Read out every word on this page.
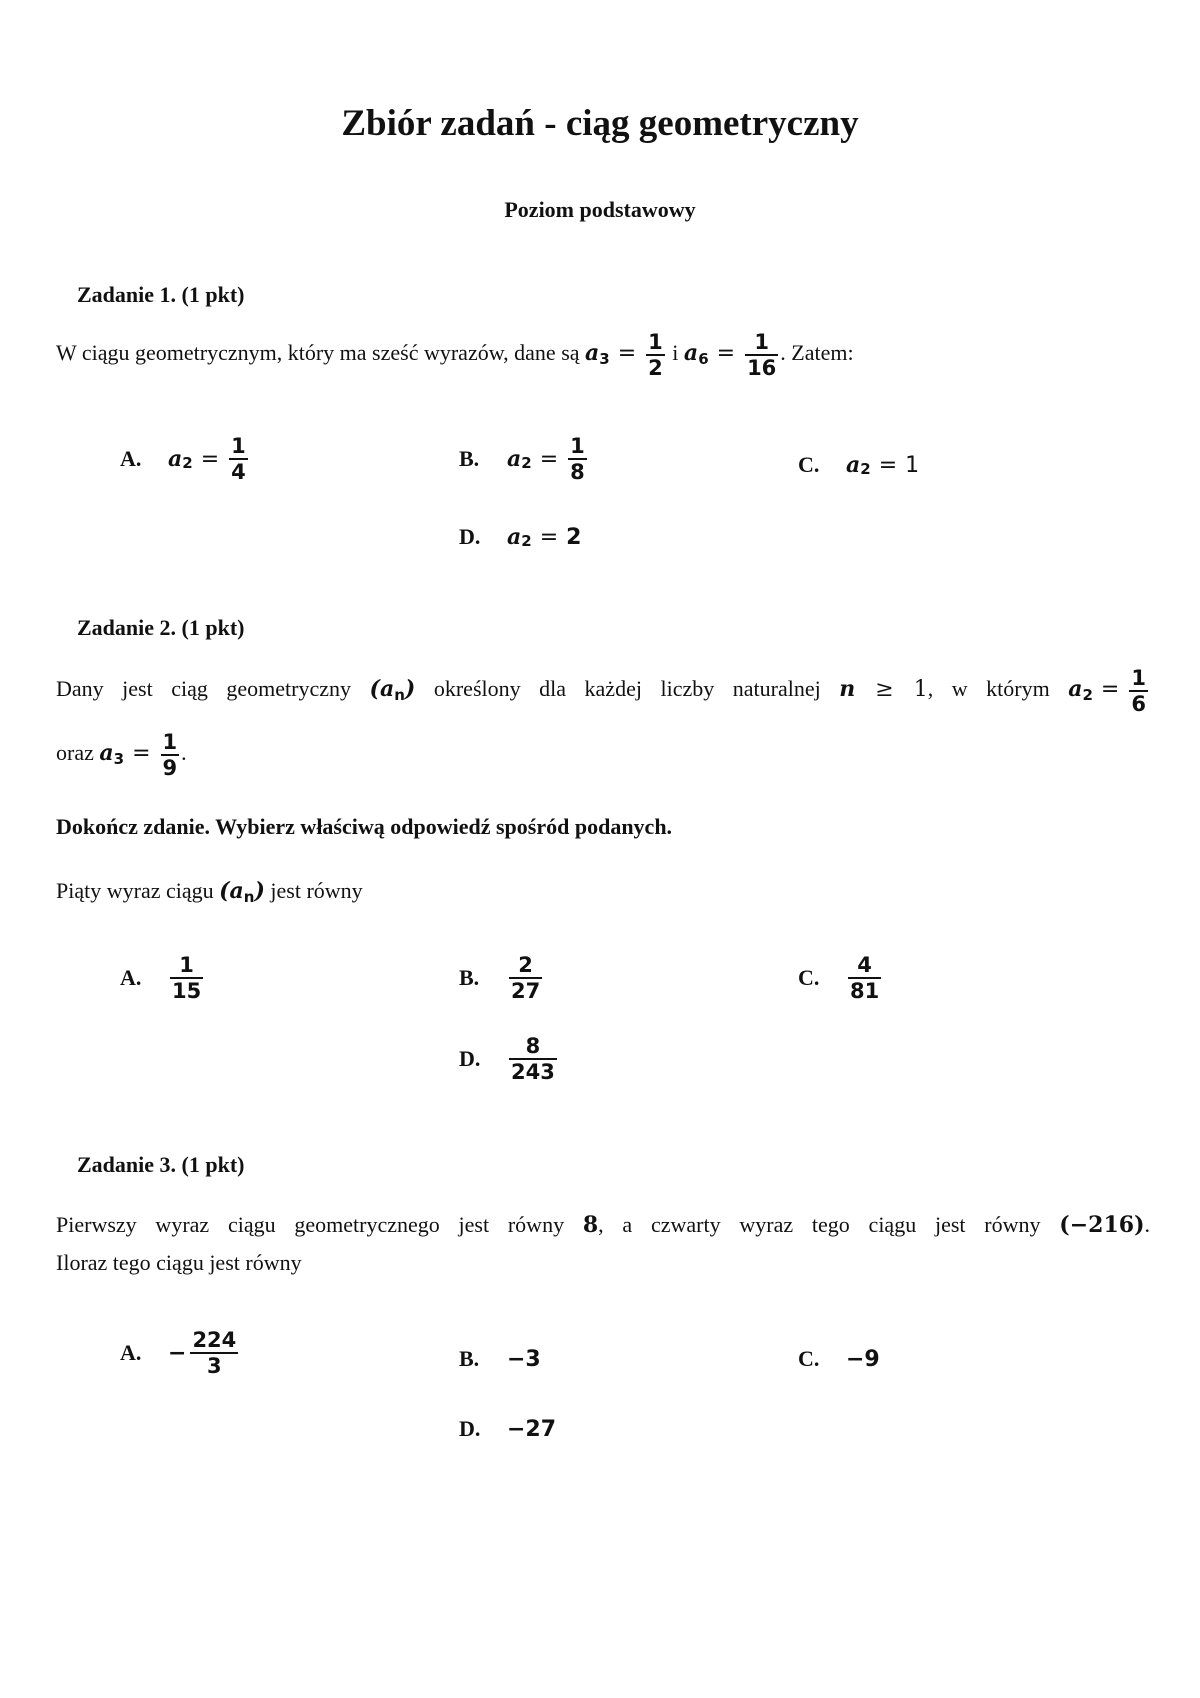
Zbiór zadań - ciąg geometryczny
Poziom podstawowy
Zadanie 1. (1 pkt)
W ciągu geometrycznym, który ma sześć wyrazów, dane są $a3 = \frac{1}{2}$ i $a6 = \frac{1}{16}$ . Zatem:
A.	a $2 = \frac{1}{4}$	B.	a $2 = \frac{1}{8}$	C.	a 2 = 1
D.	a 2 = 2
Zadanie 2. (1 pkt)
Dany jest ciąg geometryczny (an) określony dla każdej liczby naturalnej n ≥ 1, w którym $a2 = \frac{1}{6}$
oraz $a3 = \frac{1}{9}$ .
Dokończ zdanie. Wybierz właściwą odpowiedź spośród podanych.
Piąty wyraz ciągu (an) jest równy
A.	$\frac{1}{15}$	B.	$\frac{2}{27}$	C.	$\frac{4}{81}$
D.	$\frac{8}{243}$
Zadanie 3. (1 pkt)
Pierwszy wyraz ciągu geometrycznego jest równy 8, a czwarty wyraz tego ciągu jest równy (−216).
Iloraz tego ciągu jest równy
A.	− $\frac{224}{3}$	B.	−3	C.	−9
D.	−27
